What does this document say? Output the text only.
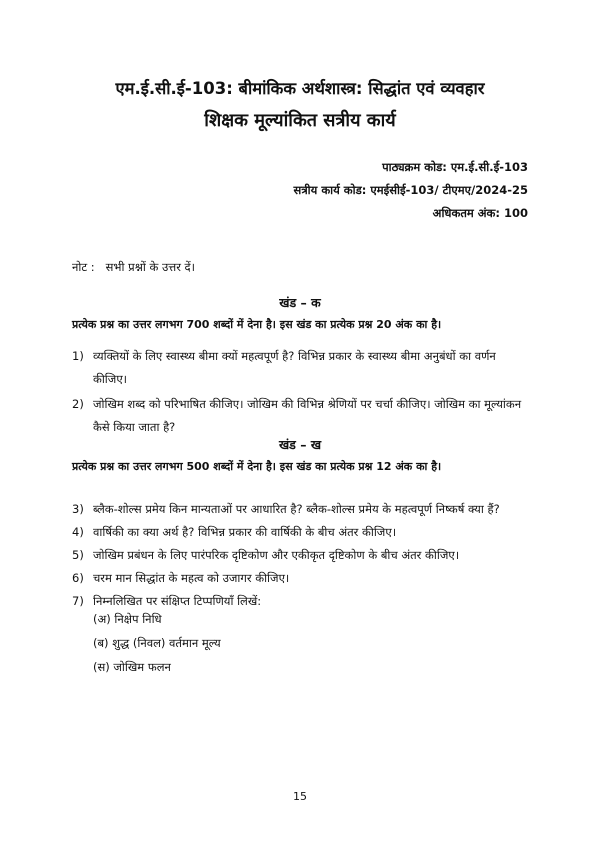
एम.ई.सी.ई-103: बीमांकिक अर्थशास्त्र: सिद्धांत एवं व्यवहार
शिक्षक मूल्यांकित सत्रीय कार्य
पाठ्यक्रम कोड: एम.ई.सी.ई-103
सत्रीय कार्य कोड: एमईसीई-103/ टीएमए/2024-25
अधिकतम अंक: 100
नोट :   सभी प्रश्नों के उत्तर दें।
खंड – क
प्रत्येक प्रश्न का उत्तर लगभग 700 शब्दों में देना है। इस खंड का प्रत्येक प्रश्न 20 अंक का है।
1) व्यक्तियों के लिए स्वास्थ्य बीमा क्यों महत्वपूर्ण है? विभिन्न प्रकार के स्वास्थ्य बीमा अनुबंधों का वर्णन कीजिए।
2) जोखिम शब्द को परिभाषित कीजिए। जोखिम की विभिन्न श्रेणियों पर चर्चा कीजिए। जोखिम का मूल्यांकन कैसे किया जाता है?
खंड – ख
प्रत्येक प्रश्न का उत्तर लगभग 500 शब्दों में देना है। इस खंड का प्रत्येक प्रश्न 12 अंक का है।
3) ब्लैक-शोल्स प्रमेय किन मान्यताओं पर आधारित है? ब्लैक-शोल्स प्रमेय के महत्वपूर्ण निष्कर्ष क्या हैं?
4) वार्षिकी का क्या अर्थ है? विभिन्न प्रकार की वार्षिकी के बीच अंतर कीजिए।
5) जोखिम प्रबंधन के लिए पारंपरिक दृष्टिकोण और एकीकृत दृष्टिकोण के बीच अंतर कीजिए।
6) चरम मान सिद्धांत के महत्व को उजागर कीजिए।
7) निम्नलिखित पर संक्षिप्त टिप्पणियाँ लिखें:
(अ) निक्षेप निधि
(ब) शुद्ध (निवल) वर्तमान मूल्य
(स) जोखिम फलन
15
